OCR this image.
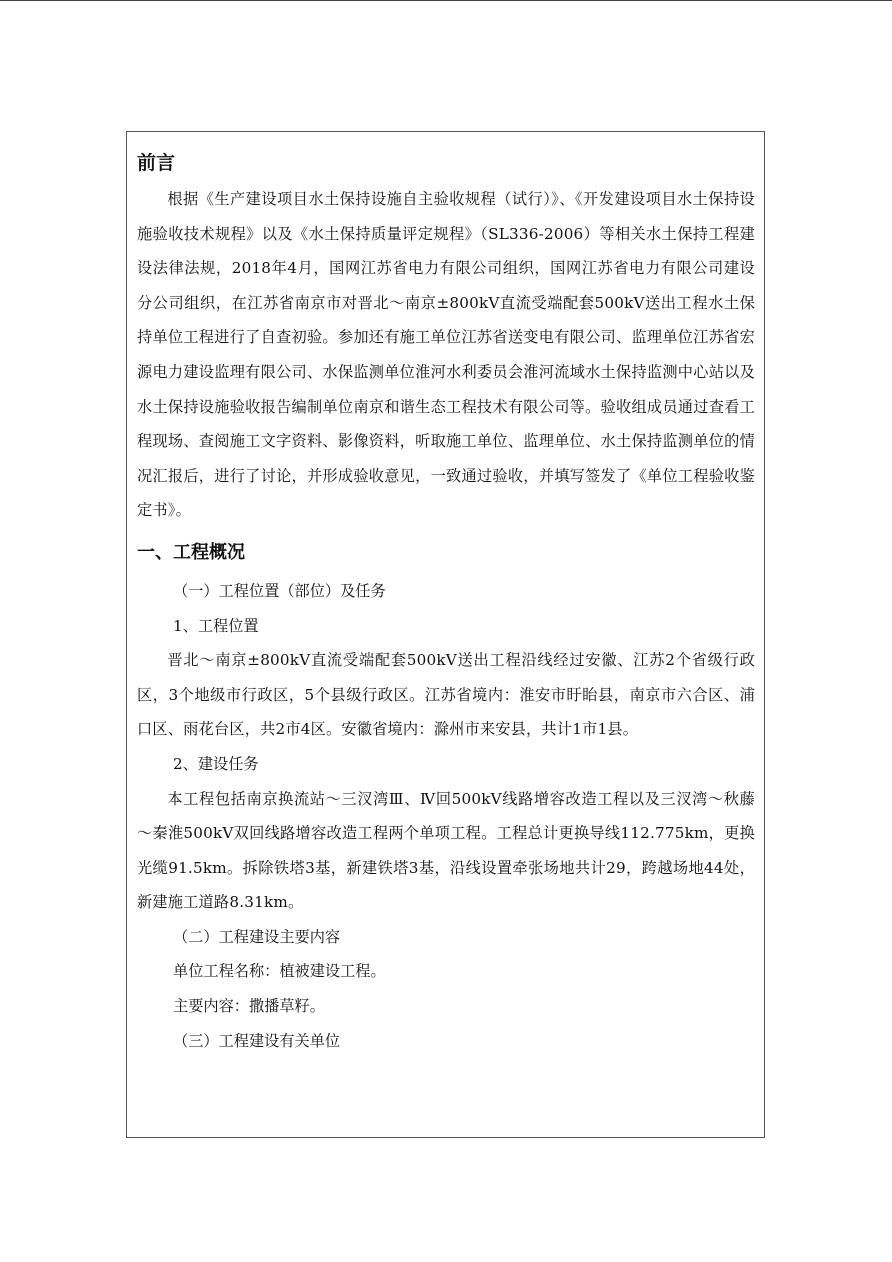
前言

根据《生产建设项目水土保持设施自主验收规程（试行）》、《开发建设项目水土保持设施验收技术规程》以及《水土保持质量评定规程》（SL336-2006）等相关水土保持工程建设法律法规，2018年4月，国网江苏省电力有限公司组织，国网江苏省电力有限公司建设分公司组织，在江苏省南京市对晋北～南京±800kV直流受端配套500kV送出工程水土保持单位工程进行了自查初验。参加还有施工单位江苏省送变电有限公司、监理单位江苏省宏源电力建设监理有限公司、水保监测单位淮河水利委员会淮河流域水土保持监测中心站以及水土保持设施验收报告编制单位南京和谐生态工程技术有限公司等。验收组成员通过查看工程现场、查阅施工文字资料、影像资料，听取施工单位、监理单位、水土保持监测单位的情况汇报后，进行了讨论，并形成验收意见，一致通过验收，并填写签发了《单位工程验收鉴定书》。

一、工程概况

（一）工程位置（部位）及任务

1、工程位置

晋北～南京±800kV直流受端配套500kV送出工程沿线经过安徽、江苏2个省级行政区，3个地级市行政区，5个县级行政区。江苏省境内：淮安市盱眙县，南京市六合区、浦口区、雨花台区，共2市4区。安徽省境内：滁州市来安县，共计1市1县。

2、建设任务

本工程包括南京换流站～三汊湾Ⅲ、Ⅳ回500kV线路增容改造工程以及三汊湾～秋藤～秦淮500kV双回线路增容改造工程两个单项工程。工程总计更换导线112.775km，更换光缆91.5km。拆除铁塔3基，新建铁塔3基，沿线设置牵张场地共计29，跨越场地44处，新建施工道路8.31km。

（二）工程建设主要内容

单位工程名称：植被建设工程。

主要内容：撒播草籽。

（三）工程建设有关单位
